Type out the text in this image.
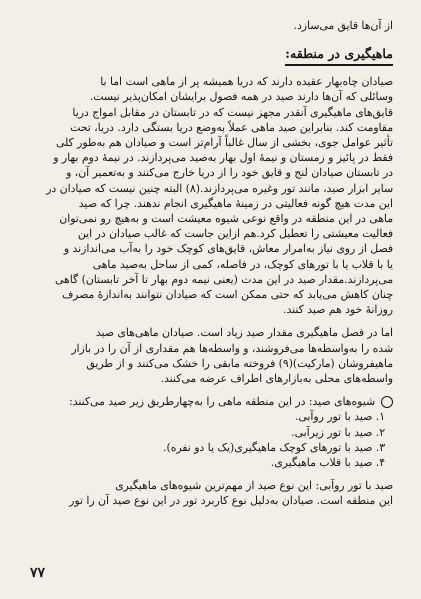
از آن‌ها قایق می‌سازد.
ماهیگیری در منطقه:
صیادان چاه‌بهار عقیده دارند که دریا همیشه پر از ماهی است اما با
وسائلی که آن‌ها دارند صید در همه فصول برایشان امکان‌پذیر نیست.
قایق‌های ماهیگیری آنقدر مجهز نیست که در تابستان در مقابل امواج دریا
مقاومت کند. بنابراین صید ماهی عملاً به‌وضع دریا بستگی دارد. دریا، تحت
تأثیر عوامل جوی، بخشی از سال غالباً آرام‌تر است و صیادان هم به‌طور کلی
فقط در پائیز و زمستان و نیمهٔ اول بهار به‌صید می‌پردازند. در نیمهٔ دوم بهار و
در تابستان صیادان لنج و قایق خود را از دریا خارج می‌کنند و به‌تعمیر آن، و
سایر ابزار صید، مانند تور وغیره می‌پردازند.(۸) البته چنین نیست که صیادان در
این مدت هیچ گونه فعالیتی در زمینهٔ ماهیگیری انجام ندهند. چرا که صید
ماهی در این منطقه در واقع نوعی شیوه معیشت است و به‌هیچ رو نمی‌توان
فعالیت معیشتی را تعطیل کرد.هم ازاین جاست که غالب صیادان در این
فصل از روی نیاز به‌امرار معاش، قایق‌های کوچک خود را به‌آب می‌اندازند و
یا با قلاب یا با تورهای کوچک، در فاصله، کمی از ساحل به‌صید ماهی
می‌پردازند.مقدار صید در این مدت (یعنی نیمه دوم بهار تا آخر تابستان) گاهی
چنان کاهش می‌یابد که حتی ممکن است که صیادان نتوانند به‌اندازهٔ مصرف
روزانهٔ خود هم صید کنند.
اما در فصل ماهیگیری مقدار صید زیاد است. صیادان ماهی‌های صید
شده را به‌واسطه‌ها می‌فروشند، و واسطه‌ها هم مقداری از آن را در بازار
ماهیفروشان (مارکیت)(۹) فروخته مابقی را خشک می‌کنند و از طریق
واسطه‌های محلی به‌بازارهای اطراف عرضه می‌کنند.
شیوه‌های صید: در این منطقه ماهی را به‌چهارطریق زیر صید می‌کنند:
۱. صید با تور روآبی.
۲. صید با تور زیرآبی.
۳. صید با تورهای کوچک ماهیگیری(یک یا دو نفره).
۴. صید با قلاب ماهیگیری.
صید با تور روآبی: این نوع صید از مهم‌ترین شیوه‌های ماهیگیری
این منطقه است. صیادان به‌دلیل نوع کاربرد تور در این نوع صید آن را تور
۷۷
